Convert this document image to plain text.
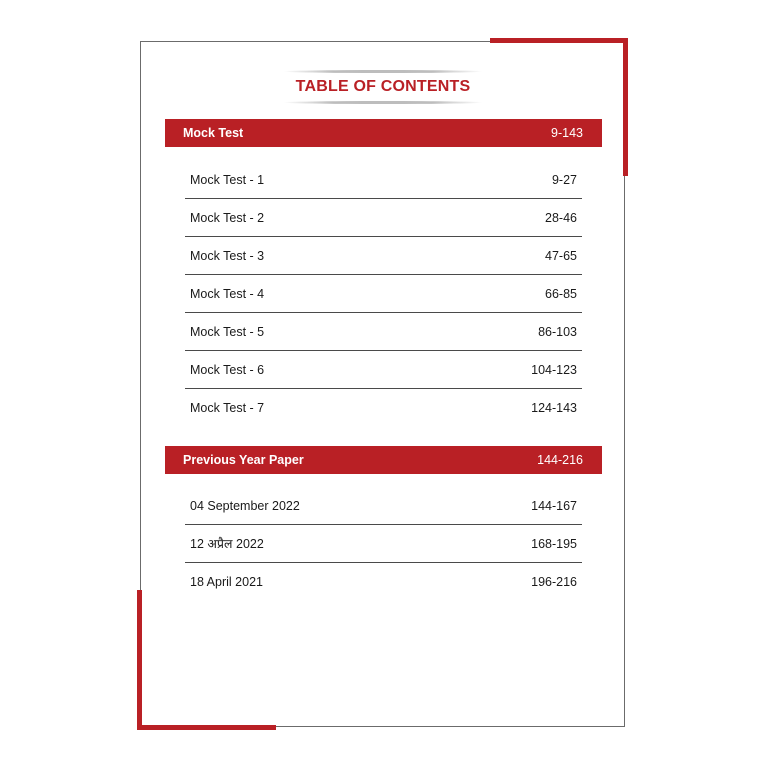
TABLE OF CONTENTS
Mock Test	9-143
Mock Test - 1	9-27
Mock Test - 2	28-46
Mock Test - 3	47-65
Mock Test - 4	66-85
Mock Test - 5	86-103
Mock Test - 6	104-123
Mock Test - 7	124-143
Previous Year Paper	144-216
04 September 2022	144-167
12 अप्रैल 2022	168-195
18 April 2021	196-216
